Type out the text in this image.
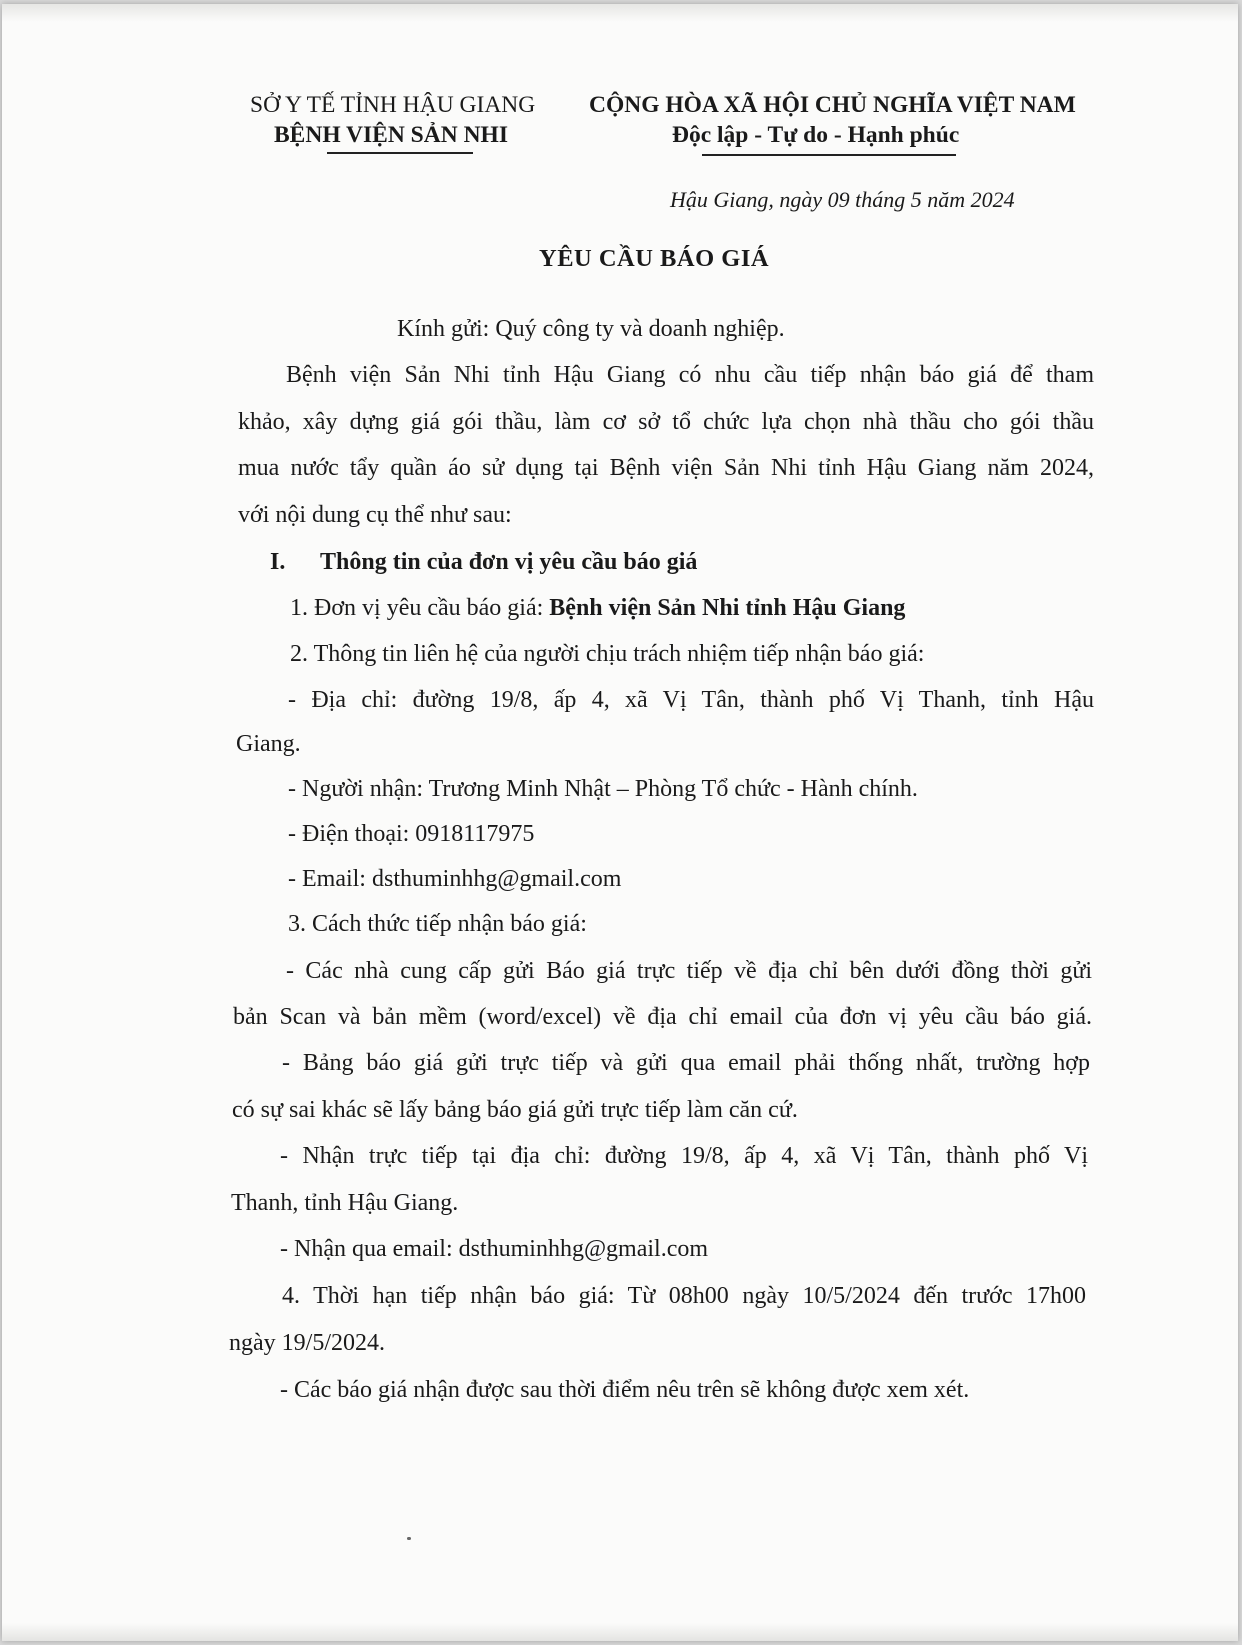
SỞ Y TẾ TỈNH HẬU GIANG
BỆNH VIỆN SẢN NHI
CỘNG HÒA XÃ HỘI CHỦ NGHĨA VIỆT NAM
Độc lập - Tự do - Hạnh phúc
Hậu Giang, ngày 09 tháng 5 năm 2024
YÊU CẦU BÁO GIÁ
Kính gửi: Quý công ty và doanh nghiệp.
Bệnh viện Sản Nhi tỉnh Hậu Giang có nhu cầu tiếp nhận báo giá để tham
khảo, xây dựng giá gói thầu, làm cơ sở tổ chức lựa chọn nhà thầu cho gói thầu
mua nước tẩy quần áo sử dụng tại Bệnh viện Sản Nhi tỉnh Hậu Giang năm 2024,
với nội dung cụ thể như sau:
I. Thông tin của đơn vị yêu cầu báo giá
1. Đơn vị yêu cầu báo giá: Bệnh viện Sản Nhi tỉnh Hậu Giang
2. Thông tin liên hệ của người chịu trách nhiệm tiếp nhận báo giá:
- Địa chỉ: đường 19/8, ấp 4, xã Vị Tân, thành phố Vị Thanh, tỉnh Hậu
Giang.
- Người nhận: Trương Minh Nhật – Phòng Tổ chức - Hành chính.
- Điện thoại: 0918117975
- Email: dsthuminhhg@gmail.com
3. Cách thức tiếp nhận báo giá:
- Các nhà cung cấp gửi Báo giá trực tiếp về địa chỉ bên dưới đồng thời gửi
bản Scan và bản mềm (word/excel) về địa chỉ email của đơn vị yêu cầu báo giá.
- Bảng báo giá gửi trực tiếp và gửi qua email phải thống nhất, trường hợp
có sự sai khác sẽ lấy bảng báo giá gửi trực tiếp làm căn cứ.
- Nhận trực tiếp tại địa chỉ: đường 19/8, ấp 4, xã Vị Tân, thành phố Vị
Thanh, tỉnh Hậu Giang.
- Nhận qua email: dsthuminhhg@gmail.com
4. Thời hạn tiếp nhận báo giá: Từ 08h00 ngày 10/5/2024 đến trước 17h00
ngày 19/5/2024.
- Các báo giá nhận được sau thời điểm nêu trên sẽ không được xem xét.
